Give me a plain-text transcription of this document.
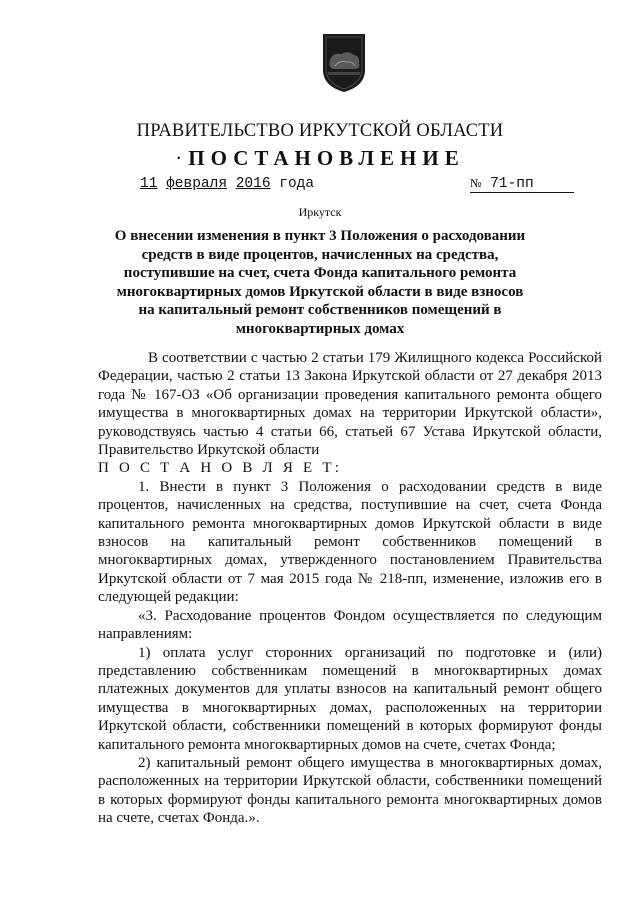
ПРАВИТЕЛЬСТВО ИРКУТСКОЙ ОБЛАСТИ
· ПОСТАНОВЛЕНИЕ
11 февраля 2016 года	№ 71-пп
Иркутск
О внесении изменения в пункт 3 Положения о расходовании средств в виде процентов, начисленных на средства, поступившие на счет, счета Фонда капитального ремонта многоквартирных домов Иркутской области в виде взносов на капитальный ремонт собственников помещений в многоквартирных домах

В соответствии с частью 2 статьи 179 Жилищного кодекса Российской Федерации, частью 2 статьи 13 Закона Иркутской области от 27 декабря 2013 года № 167-ОЗ «Об организации проведения капитального ремонта общего имущества в многоквартирных домах на территории Иркутской области», руководствуясь частью 4 статьи 66, статьей 67 Устава Иркутской области, Правительство Иркутской области

П О С Т А Н О В Л Я Е Т:

1. Внести в пункт 3 Положения о расходовании средств в виде процентов, начисленных на средства, поступившие на счет, счета Фонда капитального ремонта многоквартирных домов Иркутской области в виде взносов на капитальный ремонт собственников помещений в многоквартирных домах, утвержденного постановлением Правительства Иркутской области от 7 мая 2015 года № 218-пп, изменение, изложив его в следующей редакции:

«3. Расходование процентов Фондом осуществляется по следующим направлениям:

1) оплата услуг сторонних организаций по подготовке и (или) представлению собственникам помещений в многоквартирных домах платежных документов для уплаты взносов на капитальный ремонт общего имущества в многоквартирных домах, расположенных на территории Иркутской области, собственники помещений в которых формируют фонды капитального ремонта многоквартирных домов на счете, счетах Фонда;

2) капитальный ремонт общего имущества в многоквартирных домах, расположенных на территории Иркутской области, собственники помещений в которых формируют фонды капитального ремонта многоквартирных домов на счете, счетах Фонда.».
